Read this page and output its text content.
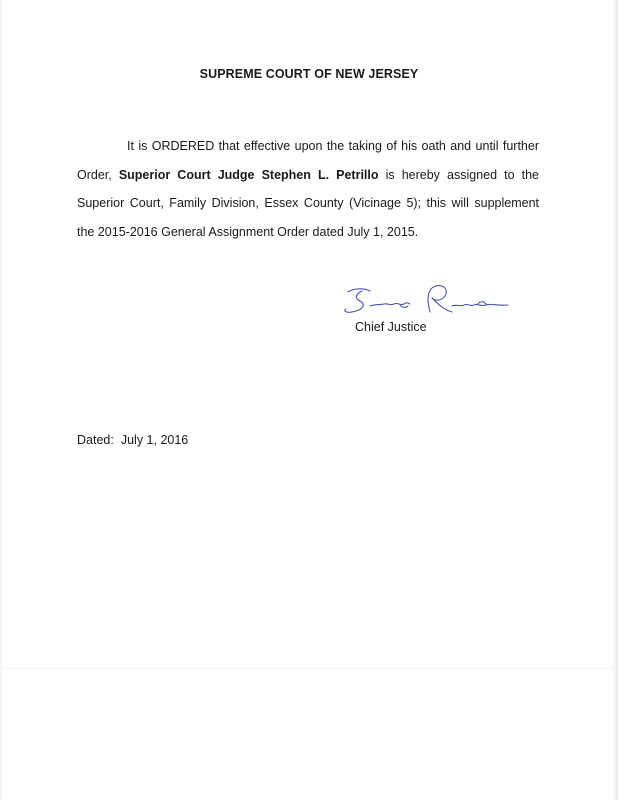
SUPREME COURT OF NEW JERSEY

It is ORDERED that effective upon the taking of his oath and until further Order, Superior Court Judge Stephen L. Petrillo is hereby assigned to the Superior Court, Family Division, Essex County (Vicinage 5); this will supplement the 2015-2016 General Assignment Order dated July 1, 2015.

Chief Justice
Dated: July 1, 2016
